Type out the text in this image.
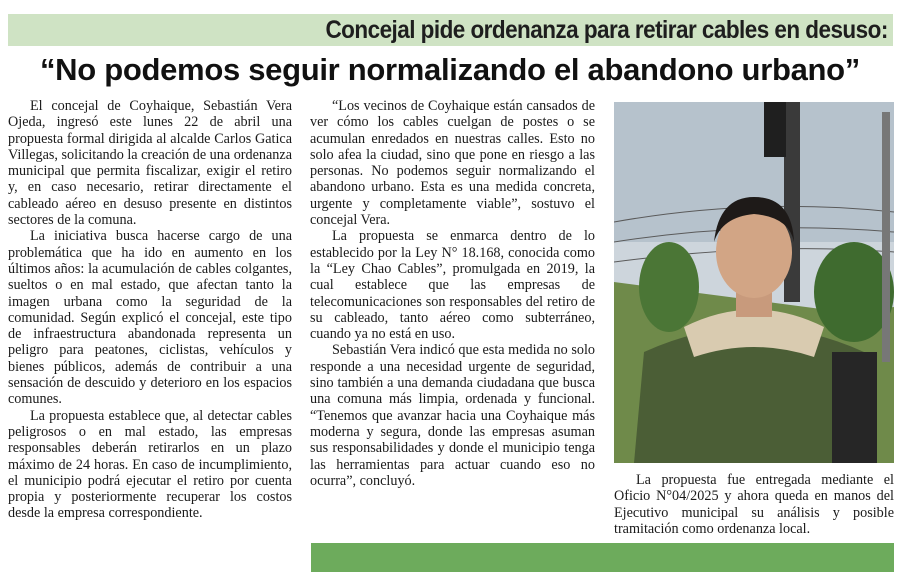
Concejal pide ordenanza para retirar cables en desuso:
“No podemos seguir normalizando el abandono urbano”

El concejal de Coyhaique, Sebastián Vera Ojeda, ingresó este lunes 22 de abril una propuesta formal dirigida al alcalde Carlos Gatica Villegas, solicitando la creación de una ordenanza municipal que permita fiscalizar, exigir el retiro y, en caso necesario, retirar directamente el cableado aéreo en desuso presente en distintos sectores de la comuna.

La iniciativa busca hacerse cargo de una problemática que ha ido en aumento en los últimos años: la acumulación de cables colgantes, sueltos o en mal estado, que afectan tanto la imagen urbana como la seguridad de la comunidad. Según explicó el concejal, este tipo de infraestructura abandonada representa un peligro para peatones, ciclistas, vehículos y bienes públicos, además de contribuir a una sensación de descuido y deterioro en los espacios comunes.

La propuesta establece que, al detectar cables peligrosos o en mal estado, las empresas responsables deberán retirarlos en un plazo máximo de 24 horas. En caso de incumplimiento, el municipio podrá ejecutar el retiro por cuenta propia y posteriormente recuperar los costos desde la empresa correspondiente.

“Los vecinos de Coyhaique están cansados de ver cómo los cables cuelgan de postes o se acumulan enredados en nuestras calles. Esto no solo afea la ciudad, sino que pone en riesgo a las personas. No podemos seguir normalizando el abandono urbano. Esta es una medida concreta, urgente y completamente viable”, sostuvo el concejal Vera.

La propuesta se enmarca dentro de lo establecido por la Ley N° 18.168, conocida como la “Ley Chao Cables”, promulgada en 2019, la cual establece que las empresas de telecomunicaciones son responsables del retiro de su cableado, tanto aéreo como subterráneo, cuando ya no está en uso.

Sebastián Vera indicó que esta medida no solo responde a una necesidad urgente de seguridad, sino también a una demanda ciudadana que busca una comuna más limpia, ordenada y funcional. “Tenemos que avanzar hacia una Coyhaique más moderna y segura, donde las empresas asuman sus responsabilidades y donde el municipio tenga las herramientas para actuar cuando eso no ocurra”, concluyó.	La propuesta fue entregada mediante el Oficio N°04/2025 y ahora queda en manos del Ejecutivo municipal su análisis y posible tramitación como ordenanza local.
